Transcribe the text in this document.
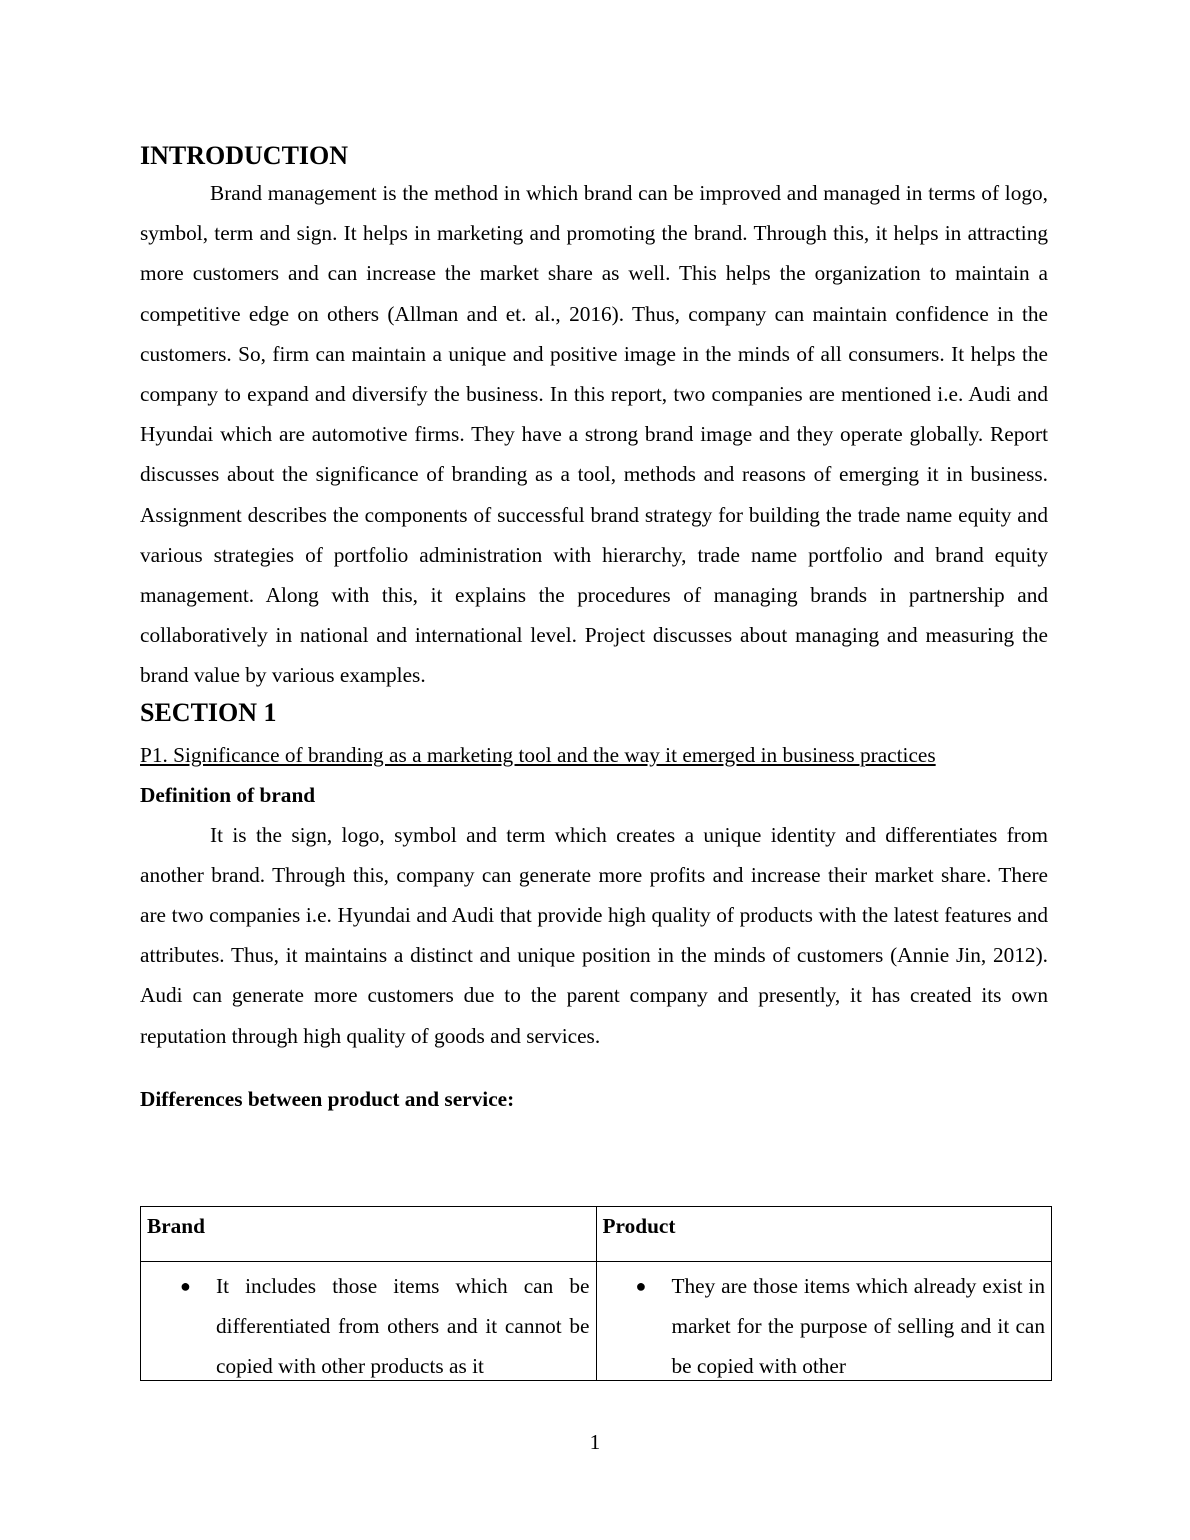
INTRODUCTION

Brand management is the method in which brand can be improved and managed in terms of logo, symbol, term and sign. It helps in marketing and promoting the brand. Through this, it helps in attracting more customers and can increase the market share as well. This helps the organization to maintain a competitive edge on others (Allman and et. al., 2016). Thus, company can maintain confidence in the customers. So, firm can maintain a unique and positive image in the minds of all consumers. It helps the company to expand and diversify the business. In this report, two companies are mentioned i.e. Audi and Hyundai which are automotive firms. They have a strong brand image and they operate globally. Report discusses about the significance of branding as a tool, methods and reasons of emerging it in business. Assignment describes the components of successful brand strategy for building the trade name equity and various strategies of portfolio administration with hierarchy, trade name portfolio and brand equity management. Along with this, it explains the procedures of managing brands in partnership and collaboratively in national and international level. Project discusses about managing and measuring the brand value by various examples.

SECTION 1

P1. Significance of branding as a marketing tool and the way it emerged in business practices

Definition of brand

It is the sign, logo, symbol and term which creates a unique identity and differentiates from another brand. Through this, company can generate more profits and increase their market share. There are two companies i.e. Hyundai and Audi that provide high quality of products with the latest features and attributes. Thus, it maintains a distinct and unique position in the minds of customers (Annie Jin, 2012). Audi can generate more customers due to the parent company and presently, it has created its own reputation through high quality of goods and services.

Differences between product and service:

Brand	Product

● It includes those items which can be differentiated from others and it cannot be copied with other products as it	● They are those items which already exist in market for the purpose of selling and it can be copied with other
1
